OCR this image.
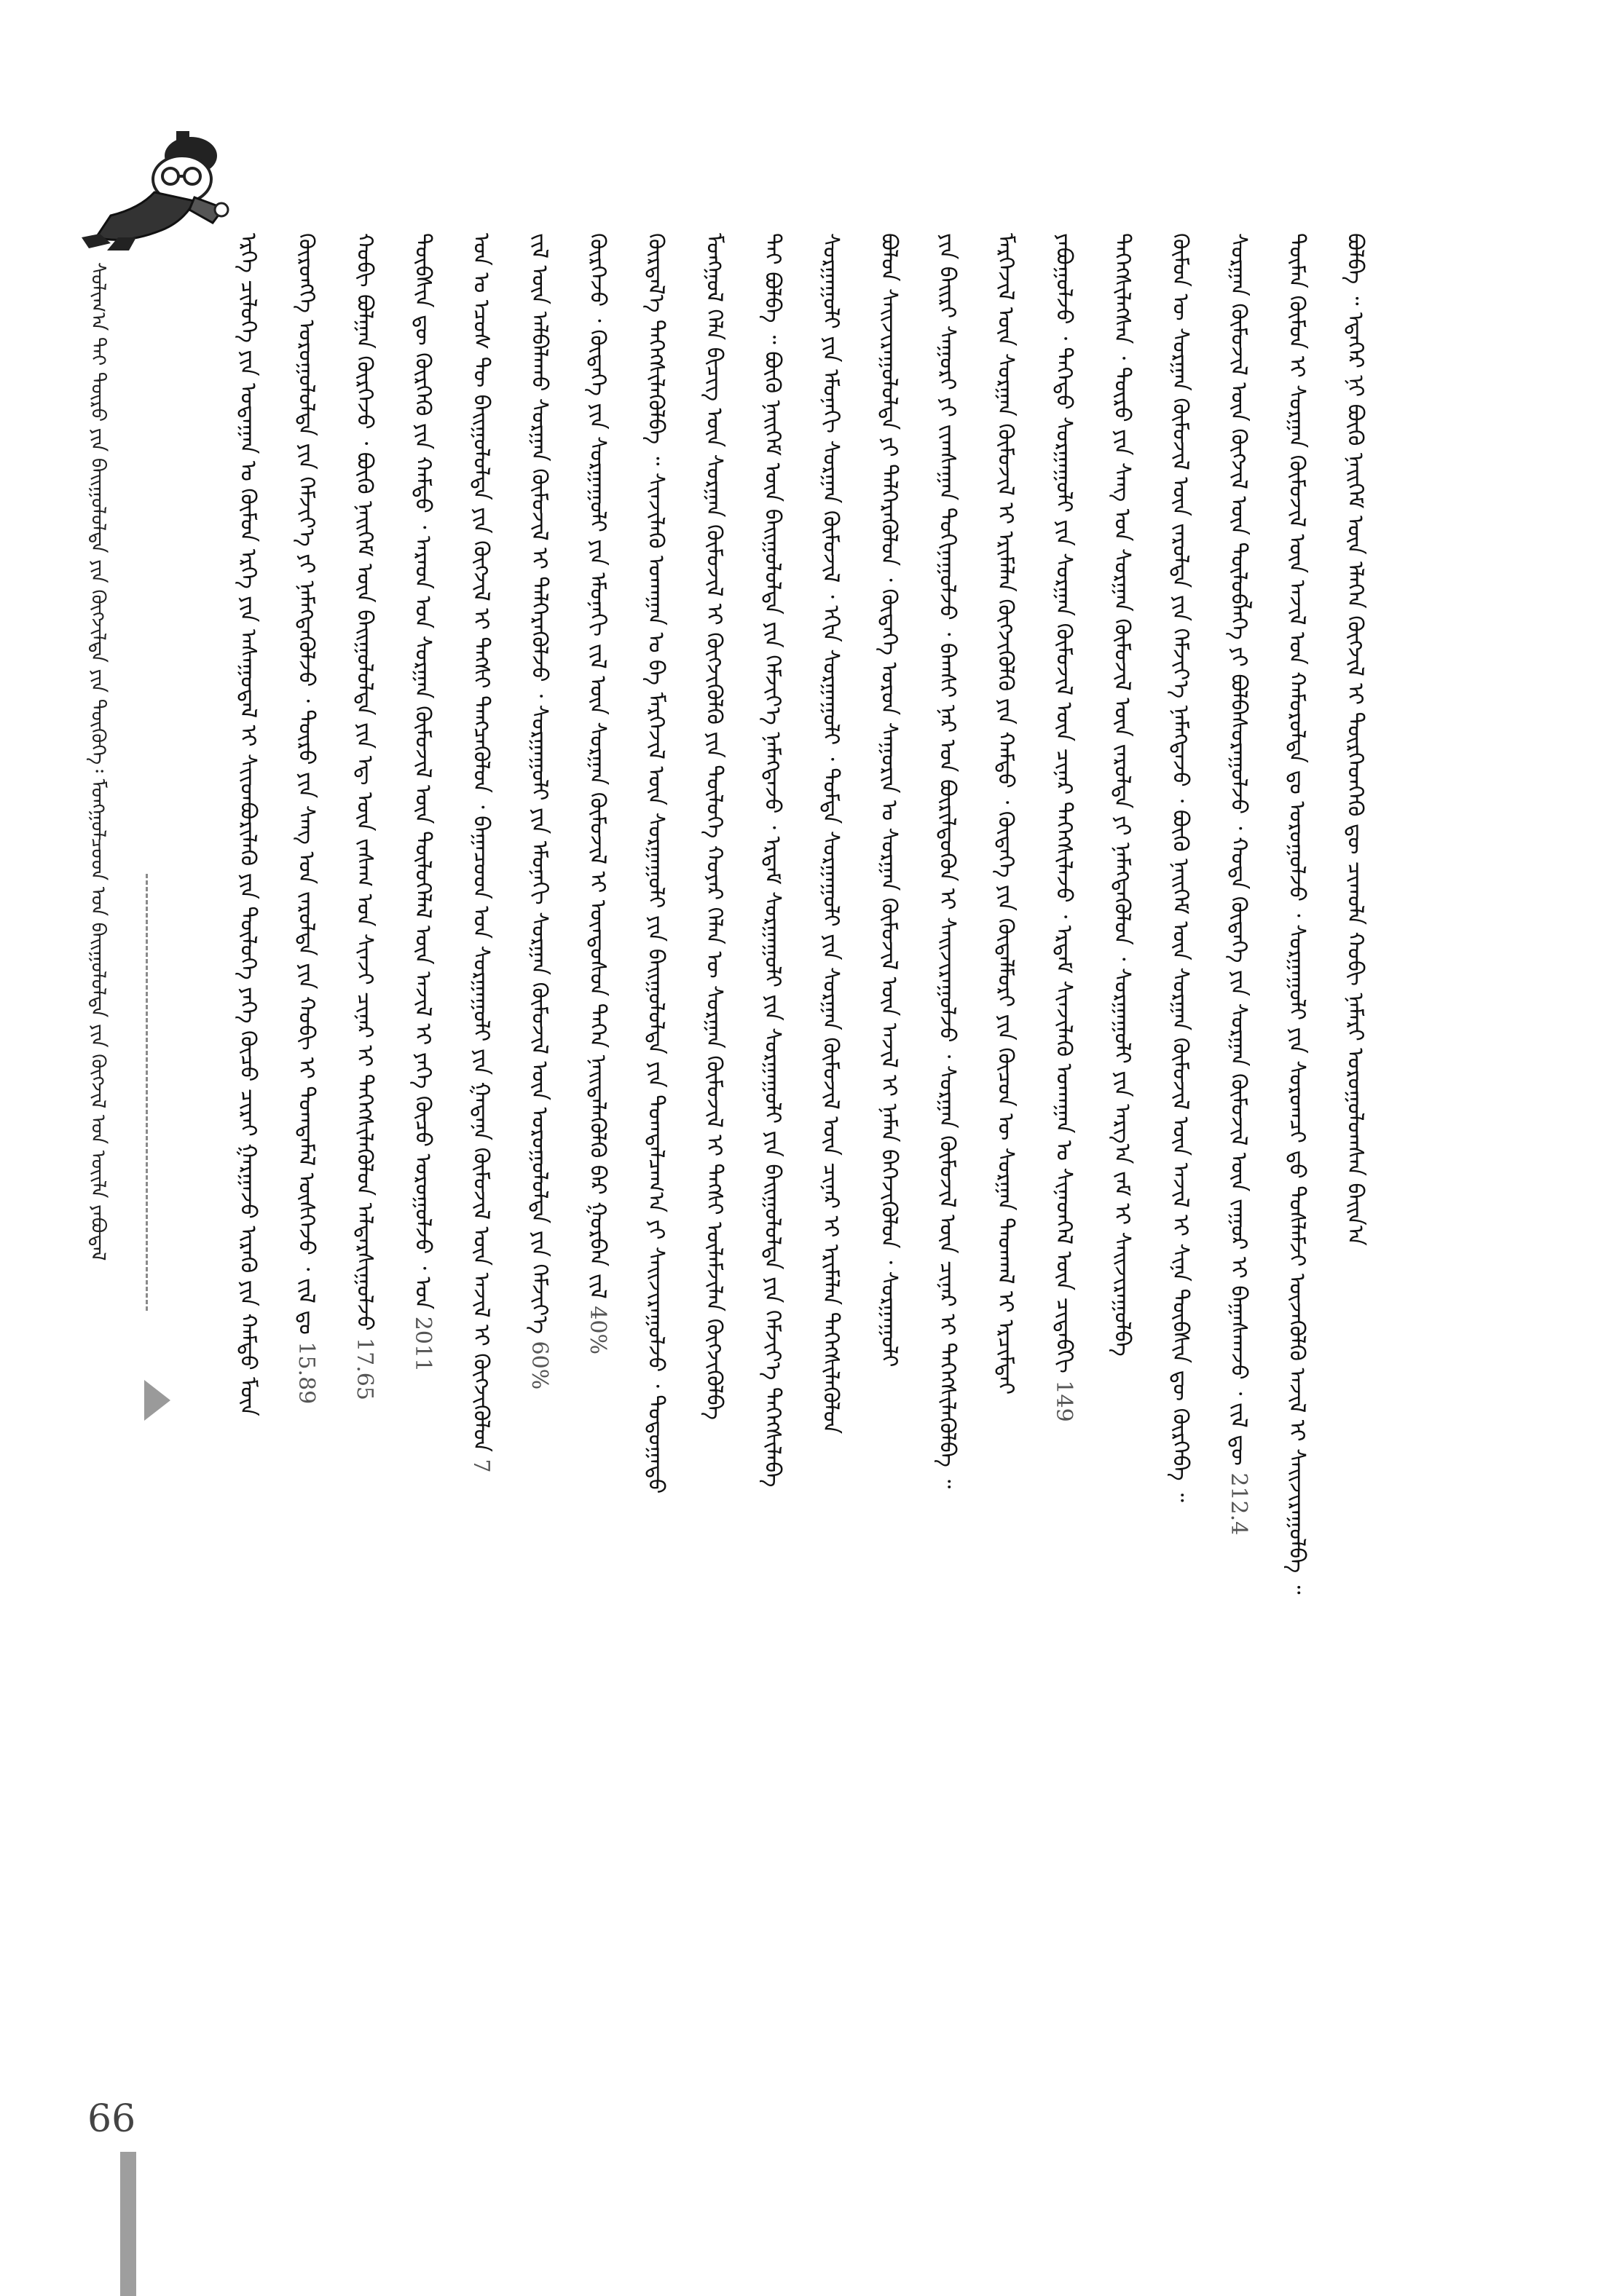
ᠰᠣᠯᠢᠭ᠎ᠠ ᠲᠠᠢ ᠲᠥᠷᠦ ᠶᠢᠨ ᠪᠠᠢᠭᠤᠯᠤᠯᠳᠠ ᠶᠢᠨ ᠬᠥᠭᠵᠢᠯᠲᠡ ᠶᠢᠨ ᠲᠦᠭᠦᠬᠡ᠄ ᠮᠣᠩᠭᠣᠯᠴᠤᠳ ᠤᠨ ᠪᠠᠢᠭᠤᠯᠤᠯᠳᠠ ᠶᠢᠨ ᠬᠥᠭᠵᠢᠯ ᠤᠨ ᠦᠢᠯᠡ ᠶᠠᠪᠤᠳᠠᠯ	ᠡᠷᠬᠡ ᠴᠢᠯᠦᠭᠡ ᠶᠢᠨ ᠤᠳᠠᠭᠠᠨ ᠤ ᠬᠦᠮᠦᠨ ᠡᠷᠬᠡ ᠶᠢᠨ ᠠᠰᠠᠭᠤᠳᠠᠯ ᠢ ᠰᠢᠢᠳᠪᠦᠷᠢᠯᠡᠬᠦ ᠶᠢᠨ ᠲᠥᠯᠥᠭᠡ ᠶᠡᠬᠡ ᠬᠦᠴᠦ ᠴᠢᠷᠠᠢ ᠭᠠᠷᠭᠠᠵᠤ ᠢᠷᠡᠬᠦ ᠶᠢᠨ ᠬᠠᠮᠲᠤ ᠮᠥᠨ	ᠬᠦᠷᠦᠩᠭᠡ ᠣᠷᠤᠭᠤᠯᠤᠯᠲᠠ ᠶᠢᠨ ᠬᠡᠮᠵᠢᠶ᠎ᠡ ᠶᠢ ᠨᠡᠮᠡᠭᠳᠡᠭᠦᠯᠵᠦ ᠂ ᠲᠥᠷᠥ ᠶᠢᠨ ᠰᠠᠩ ᠤᠨ ᠵᠠᠷᠤᠯᠲᠠ ᠶᠢᠨ ᠬᠤᠪᠢ ᠢ ᠲᠣᠭᠲᠠᠮᠠᠯ ᠥᠰᠬᠡᠵᠦ ᠂ ᠵᠢᠯ ᠳᠤ 15.89
ᠬᠤᠪᠢ ᠪᠣᠯᠭᠠᠨ ᠬᠦᠷᠭᠡᠵᠦ ᠂ ᠪᠦᠬᠦ ᠨᠡᠢᠭᠡᠮ ᠦᠨ ᠪᠠᠢᠭᠤᠯᠤᠯᠳᠠ ᠶᠢᠨ ᠡᠳ᠋ ᠦᠨ ᠵᠠᠰᠠᠭ ᠤᠨ ᠰᠢᠨᠵᠢ ᠴᠢᠨᠠᠷ ᠢ ᠳᠡᠭᠡᠭᠰᠢᠯᠡᠭᠦᠯᠦᠨ ᠠᠯᠳᠠᠷᠰᠢᠭᠤᠯᠵᠤ 17.65
ᠲᠦᠪᠰᠢᠨ ᠳᠦ ᠬᠦᠷᠭᠡᠬᠦ ᠶᠢᠨ ᠬᠠᠮᠲᠤ ᠂ ᠠᠷᠠᠳ ᠤᠨ ᠰᠤᠷᠭᠠᠨ ᠬᠦᠮᠦᠵᠢᠯ ᠦᠨ ᠲᠥᠯᠥᠭᠡᠯᠡᠯ ᠦᠨ ᠠᠵᠢᠯ ᠢ ᠶᠡᠬᠡ ᠬᠦᠴᠦ ᠣᠷᠤᠭᠤᠯᠵᠤ ᠂ ᠣᠨ 2011	ᠣᠨ ᠤ ᠡᠴᠦᠰ ᠲᠦ ᠪᠠᠢᠭᠤᠯᠤᠯᠳᠠ ᠶᠢᠨ ᠬᠥᠭᠵᠢᠯ ᠢ ᠲᠡᠭᠰᠢ ᠲᠡᠩᠴᠡᠭᠦᠯᠦᠨ ᠂ ᠪᠠᠭᠠᠴᠤᠳ ᠤᠨ ᠰᠤᠷᠭᠠᠭᠤᠯᠢ ᠶᠢᠨ ᠭᠠᠳᠠᠨᠠ ᠬᠦᠮᠦᠵᠢᠯ ᠦᠨ ᠠᠵᠢᠯ ᠢ ᠬᠥᠭᠵᠢᠭᠦᠯᠦᠨ 7
ᠵᠢᠯ ᠦᠨ ᠠᠯᠪᠠᠯᠠᠬᠤ ᠰᠤᠷᠭᠠᠨ ᠬᠦᠮᠦᠵᠢᠯ ᠢ ᠳᠡᠯᠭᠡᠷᠡᠭᠦᠯᠵᠦ ᠂ ᠰᠤᠷᠭᠠᠭᠤᠯᠢ ᠶᠢᠨ ᠡᠮᠦᠨᠡᠬᠢ ᠰᠤᠷᠭᠠᠨ ᠬᠦᠮᠦᠵᠢᠯ ᠦᠨ ᠣᠷᠤᠭᠤᠯᠤᠯᠲᠠ ᠶᠢᠨ ᠬᠡᠮᠵᠢᠶ᠎ᠡ 60%
ᠬᠦᠷᠭᠡᠵᠦ ᠂ ᠬᠥᠳᠡᠭᠡ ᠶᠢᠨ ᠰᠤᠷᠭᠠᠭᠤᠯᠢ ᠶᠢᠨ ᠡᠮᠦᠨᠡᠬᠢ ᠵᠢᠯ ᠦᠨ ᠰᠤᠷᠭᠠᠨ ᠬᠦᠮᠦᠵᠢᠯ ᠢ ᠦᠨᠳᠦᠰᠦᠨ ᠳᠡᠭᠡᠨ ᠨᠡᠢᠲᠡᠯᠡᠭᠦᠯᠬᠦ ᠪᠠᠷ ᠭᠤᠷᠪᠠᠨ ᠵᠢᠯ 40%	ᠬᠦᠷᠲᠡᠯ᠎ᠡ ᠳᠡᠭᠡᠭᠰᠢᠯᠡᠭᠦᠯᠪᠡ ᠃ ᠰᠢᠨᠵᠢᠯᠡᠬᠦ ᠤᠬᠠᠭᠠᠨ ᠤ ᠪᠠ ᠮᠡᠷᠭᠡᠵᠢᠯ ᠦᠨ ᠰᠤᠷᠭᠠᠭᠤᠯᠢ ᠶᠢᠨ ᠪᠠᠢᠭᠤᠯᠤᠯᠳᠠ ᠶᠢᠨ ᠲᠣᠭᠲᠠᠯᠴᠠᠭ᠎ᠠ ᠶᠢ ᠰᠠᠢᠵᠢᠷᠠᠭᠤᠯᠵᠤ ᠂ ᠳᠣᠲᠣᠭᠠᠳᠤ	ᠮᠣᠩᠭᠣᠯ ᠬᠡᠯᠡ ᠪᠢᠴᠢᠭ᠌ ᠦᠨ ᠰᠤᠷᠭᠠᠨ ᠬᠦᠮᠦᠵᠢᠯ ᠢ ᠬᠥᠭᠵᠢᠭᠦᠯᠬᠦ ᠶᠢᠨ ᠲᠥᠯᠥᠭᠡ ᠬᠣᠶᠠᠷ ᠬᠡᠯᠡᠨ ᠦ ᠰᠤᠷᠭᠠᠨ ᠬᠦᠮᠦᠵᠢᠯ ᠢ ᠲᠡᠭᠰᠢ ᠦᠯᠡᠮᠵᠢᠯᠡᠨ ᠬᠥᠭᠵᠢᠭᠦᠯᠪᠡ	ᠲᠡᠢ ᠪᠣᠯᠪᠠ ᠃ ᠪᠦᠬᠦ ᠨᠡᠢᠭᠡᠮ ᠦᠨ ᠪᠠᠢᠭᠤᠯᠤᠯᠳᠠ ᠶᠢᠨ ᠬᠡᠮᠵᠢᠶ᠎ᠡ ᠨᠡᠮᠡᠭᠳᠡᠵᠦ ᠂ ᠡᠷᠳᠡᠮ ᠰᠤᠷᠭᠠᠭᠤᠯᠢ ᠶᠢᠨ ᠰᠤᠷᠭᠠᠭᠤᠯᠢ ᠶᠢᠨ ᠪᠠᠢᠭᠤᠯᠤᠯᠳᠠ ᠶᠢᠨ ᠬᠡᠮᠵᠢᠶ᠎ᠡ ᠳᠡᠭᠡᠭᠰᠢᠯᠡᠪᠡ	ᠰᠤᠷᠭᠠᠭᠤᠯᠢ ᠶᠢᠨ ᠡᠮᠦᠨᠡᠬᠢ ᠰᠤᠷᠭᠠᠨ ᠬᠦᠮᠦᠵᠢᠯ ᠂ ᠡᠬᠢᠨ ᠰᠤᠷᠭᠠᠭᠤᠯᠢ ᠂ ᠳᠤᠮᠳᠠ ᠰᠤᠷᠭᠠᠭᠤᠯᠢ ᠶᠢᠨ ᠰᠤᠷᠭᠠᠨ ᠬᠦᠮᠦᠵᠢᠯ ᠦᠨ ᠴᠢᠨᠠᠷ ᠢ ᠡᠷᠢᠮᠡᠯᠡᠨ ᠳᠡᠭᠡᠭᠰᠢᠯᠡᠭᠦᠯᠦᠨ	ᠪᠣᠯᠤᠨ ᠰᠠᠢᠵᠢᠷᠠᠭᠤᠯᠤᠯᠲᠠ ᠶᠢ ᠳᠡᠯᠭᠡᠷᠡᠭᠦᠯᠦᠨ ᠂ ᠬᠥᠳᠡᠭᠡ ᠤᠷᠤᠨ ᠰᠠᠭᠤᠷᠢᠨ ᠤ ᠰᠤᠷᠭᠠᠨ ᠬᠦᠮᠦᠵᠢᠯ ᠦᠨ ᠠᠵᠢᠯ ᠢ ᠨᠡᠮᠡᠨ ᠪᠡᠬᠡᠵᠢᠭᠦᠯᠦᠨ ᠂ ᠰᠤᠷᠭᠠᠭᠤᠯᠢ	ᠶᠢᠨ ᠪᠠᠢᠷᠢ ᠰᠠᠭᠤᠷᠢ ᠶᠢ ᠵᠢᠭᠰᠠᠭᠠᠨ ᠲᠣᠬᠢᠨᠠᠭᠤᠯᠵᠤ ᠂ ᠪᠠᠭᠰᠢ ᠨᠠᠷ ᠤᠨ ᠪᠦᠷᠢᠯᠳᠦᠭᠦᠨ ᠢ ᠰᠠᠢᠵᠢᠷᠠᠭᠤᠯᠵᠤ ᠂ ᠰᠤᠷᠭᠠᠨ ᠬᠦᠮᠦᠵᠢᠯ ᠦᠨ ᠴᠢᠨᠠᠷ ᠢ ᠳᠡᠭᠡᠭᠰᠢᠯᠡᠭᠦᠯᠪᠡ ᠃	ᠮᠡᠷᠭᠡᠵᠢᠯ ᠦᠨ ᠰᠤᠷᠭᠠᠨ ᠬᠦᠮᠦᠵᠢᠯ ᠢ ᠡᠷᠢᠮᠡᠯᠡᠨ ᠬᠥᠭᠵᠢᠭᠦᠯᠬᠦ ᠶᠢᠨ ᠬᠠᠮᠲᠤ ᠂ ᠬᠥᠳᠡᠭᠡ ᠶᠢᠨ ᠬᠥᠳᠡᠯᠮᠦᠷᠢ ᠶᠢᠨ ᠬᠦᠴᠦᠨ ᠦ ᠰᠤᠷᠭᠠᠨ ᠳᠠᠳᠬᠠᠯ ᠢ ᠡᠷᠴᠢᠮᠲᠡᠢ	ᠶᠠᠪᠤᠭᠤᠯᠵᠤ ᠂ ᠲᠡᠭᠡᠳᠦ ᠰᠤᠷᠭᠠᠭᠤᠯᠢ ᠶᠢᠨ ᠰᠤᠷᠭᠠᠨ ᠬᠦᠮᠦᠵᠢᠯ ᠦᠨ ᠴᠢᠨᠠᠷ ᠳᠡᠭᠡᠭᠰᠢᠯᠡᠵᠦ ᠂ ᠡᠷᠳᠡᠮ ᠰᠢᠨᠵᠢᠯᠡᠬᠦ ᠤᠬᠠᠭᠠᠨ ᠤ ᠰᠢᠨᠡᠳᠬᠡᠯ ᠦᠨ ᠴᠢᠳᠠᠪᠬᠢ 149
ᠳᠡᠭᠡᠭᠰᠢᠯᠡᠭᠰᠡᠨ ᠂ ᠲᠥᠷᠥ ᠶᠢᠨ ᠰᠠᠩ ᠤᠨ ᠰᠤᠷᠭᠠᠨ ᠬᠦᠮᠦᠵᠢᠯ ᠦᠨ ᠵᠠᠷᠤᠯᠲᠠ ᠶᠢ ᠨᠡᠮᠡᠭᠳᠡᠭᠦᠯᠦᠨ ᠂ ᠰᠤᠷᠭᠠᠭᠤᠯᠢ ᠶᠢᠨ ᠠᠷᠭ᠎ᠠ ᠵᠠᠮ ᠢ ᠰᠠᠢᠵᠢᠷᠠᠭᠤᠯᠪᠠ	ᠬᠦᠮᠦᠨ ᠦ ᠰᠤᠷᠭᠠᠨ ᠬᠦᠮᠦᠵᠢᠯ ᠦᠨ ᠵᠠᠷᠤᠯᠲᠠ ᠶᠢᠨ ᠬᠡᠮᠵᠢᠶ᠎ᠡ ᠨᠡᠮᠡᠭᠳᠡᠵᠦ ᠂ ᠪᠦᠬᠦ ᠨᠡᠢᠭᠡᠮ ᠦᠨ ᠰᠤᠷᠭᠠᠨ ᠬᠦᠮᠦᠵᠢᠯ ᠦᠨ ᠠᠵᠢᠯ ᠢ ᠰᠢᠨᠡ ᠲᠦᠪᠰᠢᠨ ᠳᠦ ᠬᠦᠷᠭᠡᠪᠡ ᠃	ᠰᠤᠷᠭᠠᠨ ᠬᠦᠮᠦᠵᠢᠯ ᠦᠨ ᠬᠥᠭᠵᠢᠯ ᠦᠨ ᠲᠥᠯᠥᠪᠯᠡᠭᠡ ᠶᠢ ᠪᠣᠯᠪᠠᠰᠤᠷᠠᠭᠤᠯᠵᠤ ᠂ ᠬᠣᠲᠠ ᠬᠥᠳᠡᠭᠡ ᠶᠢᠨ ᠰᠤᠷᠭᠠᠨ ᠬᠦᠮᠦᠵᠢᠯ ᠦᠨ ᠵᠠᠭᠤᠷ ᠢ ᠪᠠᠭᠠᠰᠬᠠᠵᠤ ᠂ ᠵᠢᠯ ᠳᠦ 212.4	ᠲᠦᠮᠡᠨ ᠬᠦᠮᠦᠨ ᠢ ᠰᠤᠷᠭᠠᠨ ᠬᠦᠮᠦᠵᠢᠯ ᠦᠨ ᠠᠵᠢᠯ ᠤᠨ ᠬᠠᠮᠤᠷᠤᠯᠲᠠ ᠳᠤ ᠣᠷᠤᠭᠤᠯᠵᠤ ᠂ ᠰᠤᠷᠭᠠᠭᠤᠯᠢ ᠶᠢᠨ ᠰᠤᠷᠤᠭᠴᠢ ᠳ᠋ᠤ ᠲᠤᠰᠯᠠᠮᠵᠢ ᠦᠵᠡᠭᠦᠯᠬᠦ ᠠᠵᠢᠯ ᠢ ᠰᠠᠢᠵᠢᠷᠠᠭᠤᠯᠪᠠ ᠃	ᠪᠣᠯᠪᠠ ᠃ ᠡᠳᠡᠭᠡᠷ ᠨᠢ ᠪᠦᠬᠦ ᠨᠡᠢᠭᠡᠮ ᠦᠨ ᠡᠯᠡᠭᠡᠨ ᠬᠥᠭᠵᠢᠯ ᠢ ᠲᠦᠷᠭᠡᠳᠭᠡᠬᠦ ᠳᠦ ᠴᠢᠬᠤᠯᠠ ᠬᠤᠪᠢ ᠨᠡᠮᠡᠷᠢ ᠣᠷᠤᠭᠤᠯᠤᠭᠰᠠᠨ ᠪᠠᠢᠨ᠎ᠠ
66
